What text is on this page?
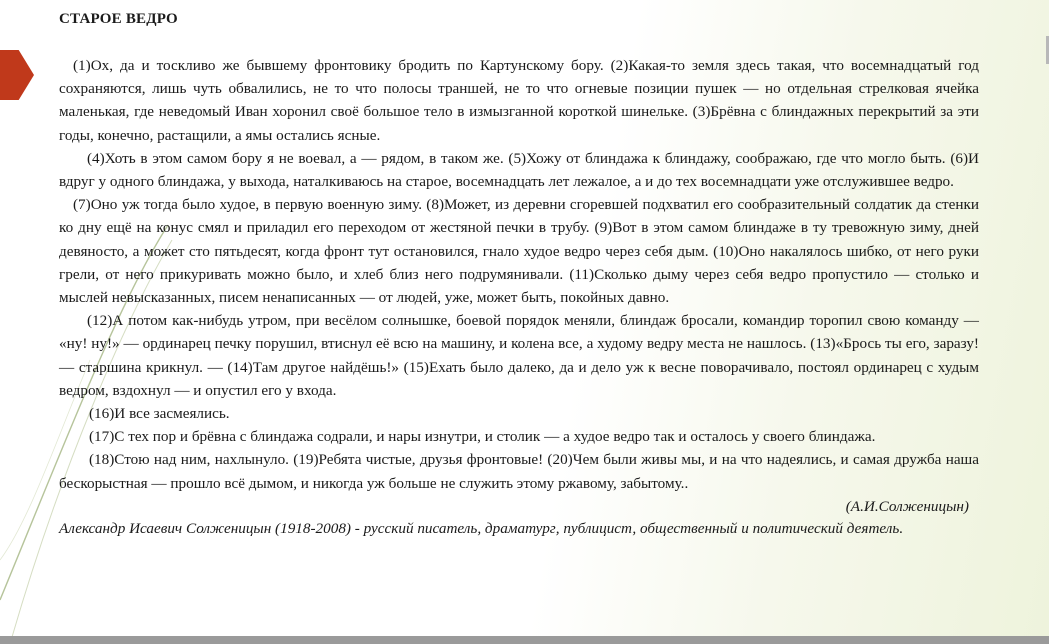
СТАРОЕ ВЕДРО

(1)Ох, да и тоскливо же бывшему фронтовику бродить по Картунскому бору. (2)Какая-то земля здесь такая, что восемнадцатый год сохраняются, лишь чуть обвалились, не то что полосы траншей, не то что огневые позиции пушек — но отдельная стрелковая ячейка маленькая, где неведомый Иван хоронил своё большое тело в измызганной короткой шинельке. (3)Брёвна с блиндажных перекрытий за эти годы, конечно, растащили, а ямы остались ясные.

(4)Хоть в этом самом бору я не воевал, а — рядом, в таком же. (5)Хожу от блиндажа к блиндажу, соображаю, где что могло быть. (6)И вдруг у одного блиндажа, у выхода, наталкиваюсь на старое, восемнадцать лет лежалое, а и до тех восемнадцати уже отслужившее ведро.

(7)Оно уж тогда было худое, в первую военную зиму. (8)Может, из деревни сгоревшей подхватил его сообразительный солдатик да стенки ко дну ещё на конус смял и приладил его переходом от жестяной печки в трубу. (9)Вот в этом самом блиндаже в ту тревожную зиму, дней девяносто, а может сто пятьдесят, когда фронт тут остановился, гнало худое ведро через себя дым. (10)Оно накалялось шибко, от него руки грели, от него прикуривать можно было, и хлеб близ него подрумянивали. (11)Сколько дыму через себя ведро пропустило — столько и мыслей невысказанных, писем ненаписанных — от людей, уже, может быть, покойных давно.

(12)А потом как-нибудь утром, при весёлом солнышке, боевой порядок меняли, блиндаж бросали, командир торопил свою команду — «ну! ну!» — ординарец печку порушил, втиснул её всю на машину, и колена все, а худому ведру места не нашлось. (13)«Брось ты его, заразу! — старшина крикнул. — (14)Там другое найдёшь!» (15)Ехать было далеко, да и дело уж к весне поворачивало, постоял ординарец с худым ведром, вздохнул — и опустил его у входа.

(16)И все засмеялись.

(17)С тех пор и брёвна с блиндажа содрали, и нары изнутри, и столик — а худое ведро так и осталось у своего блиндажа.

(18)Стою над ним, нахлынуло. (19)Ребята чистые, друзья фронтовые! (20)Чем были живы мы, и на что надеялись, и самая дружба наша бескорыстная — прошло всё дымом, и никогда уж больше не служить этому ржавому, забытому..

(А.И.Солженицын)

Александр Исаевич Солженицын (1918-2008) - русский писатель, драматург, публицист, общественный и политический деятель.
